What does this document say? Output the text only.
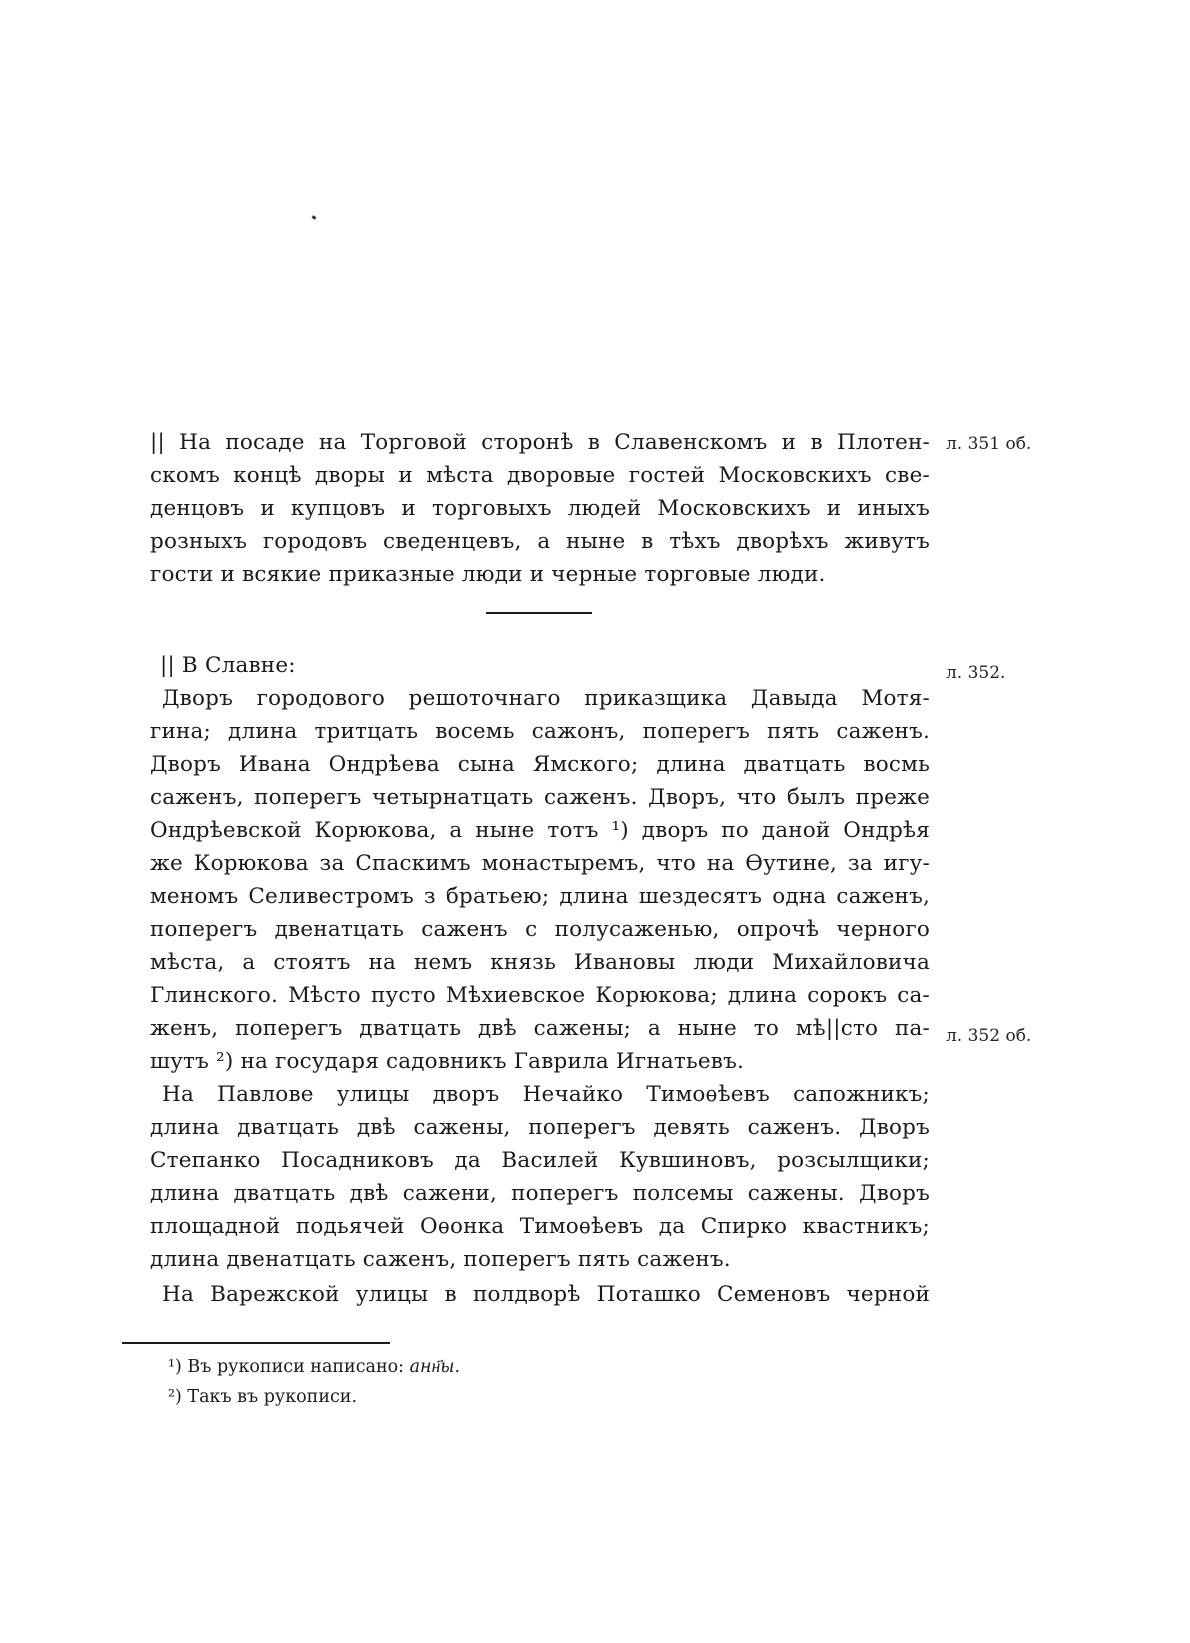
|| На посаде на Торговой сторонѣ в Славенскомъ и в Плотен-
скомъ концѣ дворы и мѣста дворовые гостей Московскихъ све-
денцовъ и купцовъ и торговыхъ людей Московскихъ и иныхъ
розныхъ городовъ сведенцевъ, а ныне в тѣхъ дворѣхъ живутъ
гости и всякие приказные люди и черные торговые люди.
л. 351 об.
|| В Славне:	л. 352.
Дворъ городового решоточнаго приказщика Давыда Мотя-
гина; длина тритцать восемь сажонъ, поперегъ пять саженъ.
Дворъ Ивана Ондрѣева сына Ямского; длина дватцать восмь
саженъ, поперегъ четырнатцать саженъ. Дворъ, что былъ преже
Ондрѣевской Корюкова, а ныне тотъ ¹) дворъ по даной Ондрѣя
же Корюкова за Спаскимъ монастыремъ, что на Ѳутине, за игу-
меномъ Селивестромъ з братьею; длина шездесятъ одна саженъ,
поперегъ двенатцать саженъ с полусаженью, опрочѣ черного
мѣста, а стоятъ на немъ князь Ивановы люди Михайловича
Глинского. Мѣсто пусто Мѣхиевское Корюкова; длина сорокъ са-
женъ, поперегъ дватцать двѣ сажены; а ныне то мѣ||сто па- л. 352 об.
шутъ ²) на государя садовникъ Гаврила Игнатьевъ.
На Павлове улицы дворъ Нечайко Тимоѳѣевъ сапожникъ;
длина дватцать двѣ сажены, поперегъ девять саженъ. Дворъ
Степанко Посадниковъ да Василей Кувшиновъ, розсылщики;
длина дватцать двѣ сажени, поперегъ полсемы сажены. Дворъ
площадной подьячей Оѳонка Тимоѳѣевъ да Спирко квастникъ;
длина двенатцать саженъ, поперегъ пять саженъ.
На Варежской улицы в полдворѣ Поташко Семеновъ черной
¹) Въ рукописи написано: анн҃ы.
²) Такъ въ рукописи.
